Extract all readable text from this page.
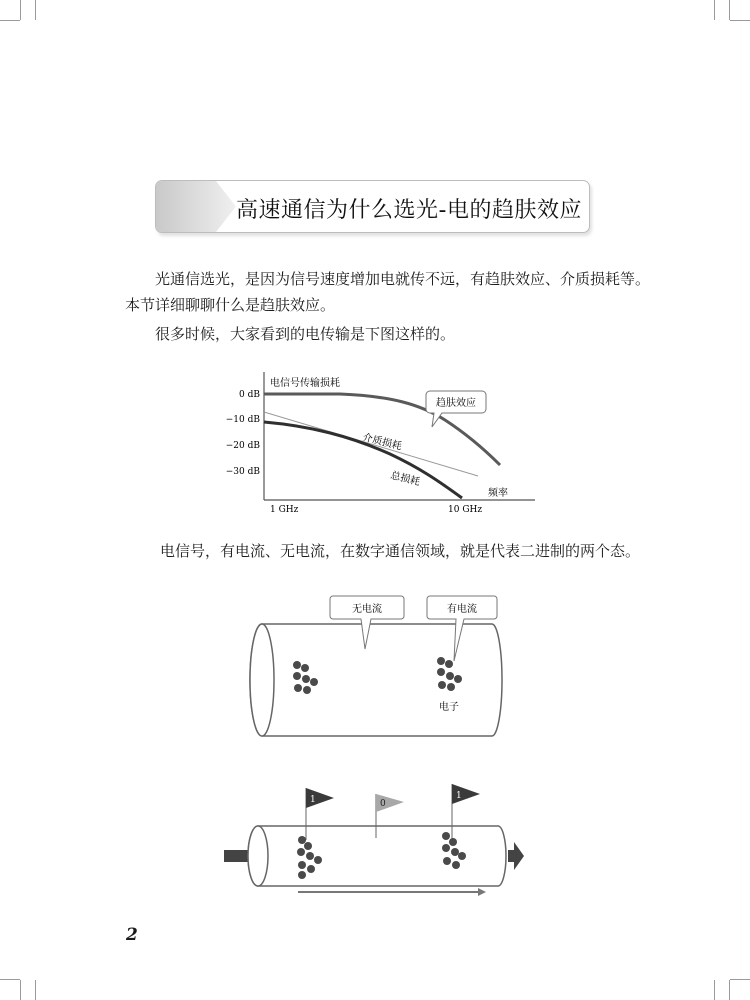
高速通信为什么选光-电的趋肤效应
光通信选光，是因为信号速度增加电就传不远，有趋肤效应、介质损耗等。
本节详细聊聊什么是趋肤效应。
很多时候，大家看到的电传输是下图这样的。
电信号，有电流、无电流，在数字通信领域，就是代表二进制的两个态。
电信号传输损耗
0 dB
−10 dB
−20 dB
−30 dB
1 GHz	10 GHz
频率
趋肤效应
介质损耗
总损耗
无电流	有电流
电子
1	0
1
2
